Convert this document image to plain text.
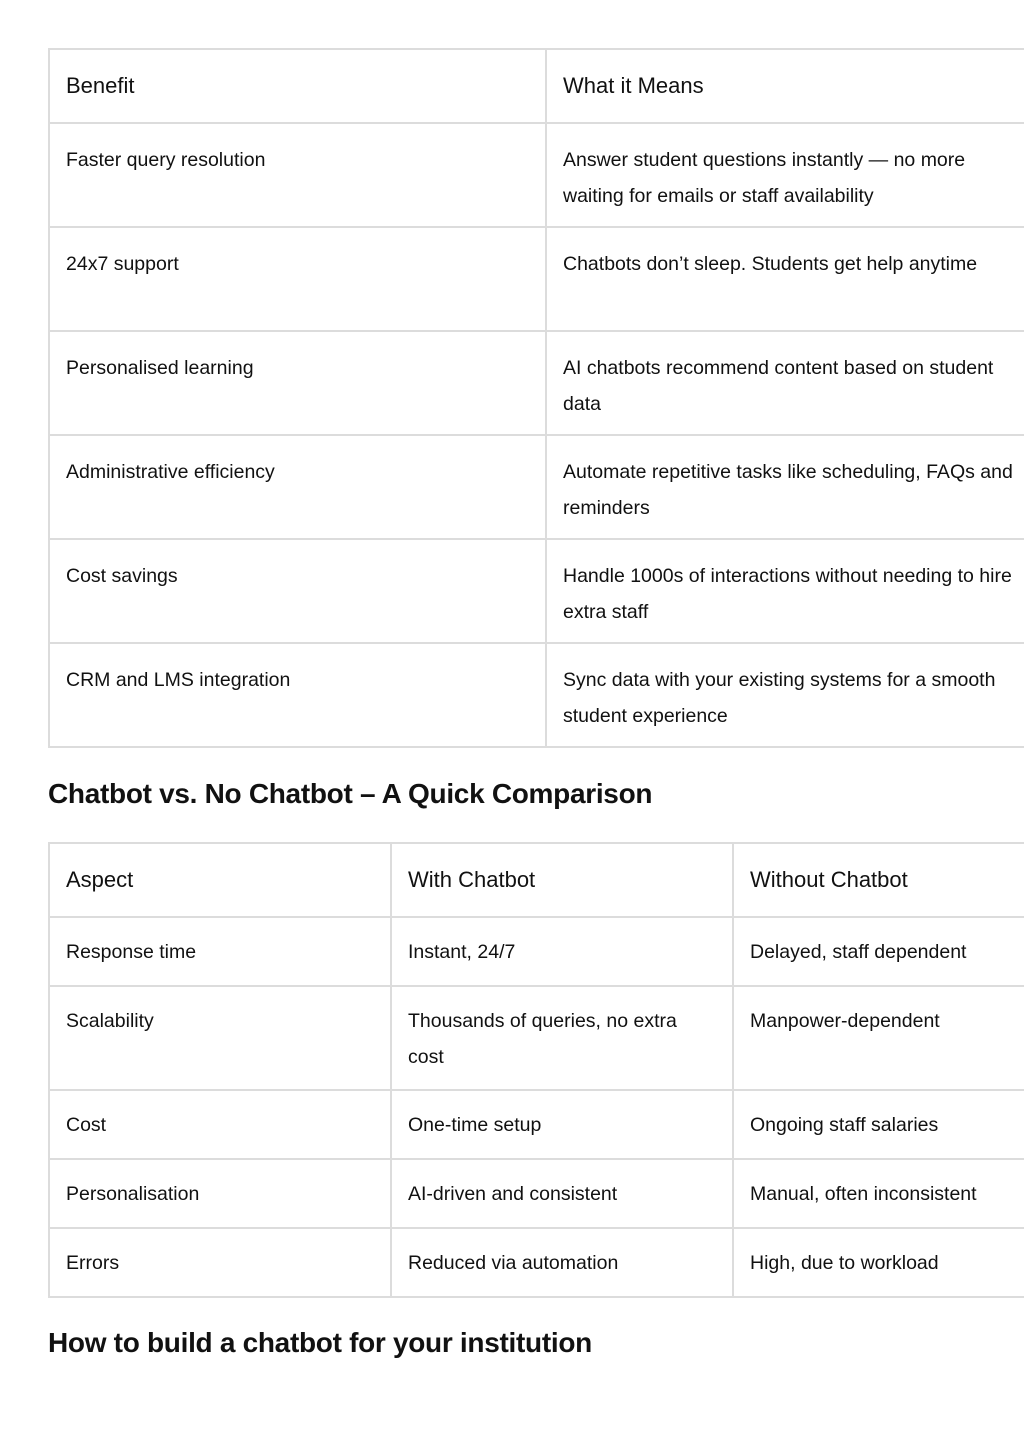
Benefit	What it Means
Faster query resolution	Answer student questions instantly — no more waiting for emails or staff availability
24x7 support	Chatbots don’t sleep. Students get help anytime
Personalised learning	AI chatbots recommend content based on student data
Administrative efficiency	Automate repetitive tasks like scheduling, FAQs and reminders
Cost savings	Handle 1000s of interactions without needing to hire extra staff
CRM and LMS integration	Sync data with your existing systems for a smooth student experience
Chatbot vs. No Chatbot – A Quick Comparison
Aspect	With Chatbot	Without Chatbot
Response time	Instant, 24/7	Delayed, staff dependent
Scalability	Thousands of queries, no extra cost	Manpower-dependent
Cost	One-time setup	Ongoing staff salaries
Personalisation	AI-driven and consistent	Manual, often inconsistent
Errors	Reduced via automation	High, due to workload
How to build a chatbot for your institution
